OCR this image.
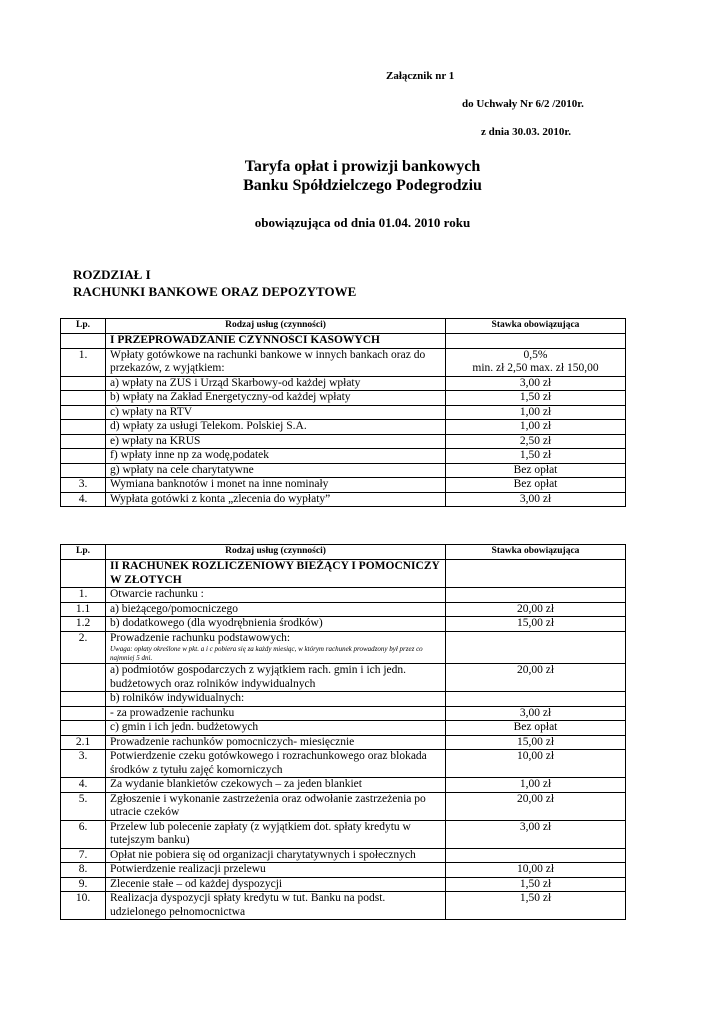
Załącznik nr 1
do Uchwały Nr 6/2 /2010r.
z dnia 30.03. 2010r.
Taryfa opłat i prowizji bankowych
Banku Spółdzielczego Podegrodziu
obowiązująca od dnia 01.04. 2010 roku
ROZDZIAŁ I
RACHUNKI BANKOWE ORAZ DEPOZYTOWE
Lp.	Rodzaj usług (czynności)	Stawka obowiązująca
	I PRZEPROWADZANIE CZYNNOŚCI KASOWYCH	
1.	Wpłaty gotówkowe na rachunki bankowe w innych bankach oraz do przekazów, z wyjątkiem:	0,5%
min. zł 2,50 max. zł 150,00

	a) wpłaty na ZUS i Urząd Skarbowy-od każdej wpłaty	3,00 zł
	b) wpłaty na Zakład Energetyczny-od każdej wpłaty	1,50 zł
	c) wpłaty na RTV	1,00 zł
	d) wpłaty za usługi Telekom. Polskiej S.A.	1,00 zł
	e) wpłaty na KRUS	2,50 zł
	f) wpłaty inne np za wodę,podatek	1,50 zł
	g) wpłaty na cele charytatywne	Bez opłat
3.	Wymiana banknotów i monet na inne nominały	Bez opłat
4.	Wypłata gotówki z konta „zlecenia do wypłaty”	3,00 zł
Lp.	Rodzaj usług (czynności)	Stawka obowiązująca
	II RACHUNEK ROZLICZENIOWY BIEŻĄCY I POMOCNICZY W ZŁOTYCH	
1.	Otwarcie rachunku :	
1.1	a) bieżącego/pomocniczego	20,00 zł
1.2	b) dodatkowego (dla wyodrębnienia środków)	15,00 zł
2.	Prowadzenie rachunku podstawowych:
Uwaga: opłaty określone w pkt. a i c pobiera się za każdy miesiąc, w którym rachunek prowadzony był przez co najmniej 5 dni.	

	a) podmiotów gospodarczych z wyjątkiem rach. gmin i ich jedn. budżetowych oraz rolników indywidualnych	20,00 zł
	b) rolników indywidualnych:	
	- za prowadzenie rachunku	3,00 zł
	c) gmin i ich jedn. budżetowych	Bez opłat
2.1	Prowadzenie rachunków pomocniczych- miesięcznie	15,00 zł
3.	Potwierdzenie czeku gotówkowego i rozrachunkowego oraz blokada środków z tytułu zajęć komorniczych	10,00 zł
4.	Za wydanie blankietów czekowych – za jeden blankiet	1,00 zł
5.	Zgłoszenie i wykonanie zastrzeżenia oraz odwołanie zastrzeżenia po utracie czeków	20,00 zł
6.	Przelew lub polecenie zapłaty (z wyjątkiem dot. spłaty kredytu w tutejszym banku)	3,00 zł
7.	Opłat nie pobiera się od organizacji charytatywnych i społecznych	
8.	Potwierdzenie realizacji przelewu	10,00 zł
9.	Zlecenie stałe – od każdej dyspozycji	1,50 zł
10.	Realizacja dyspozycji spłaty kredytu w tut. Banku na podst. udzielonego pełnomocnictwa	1,50 zł
